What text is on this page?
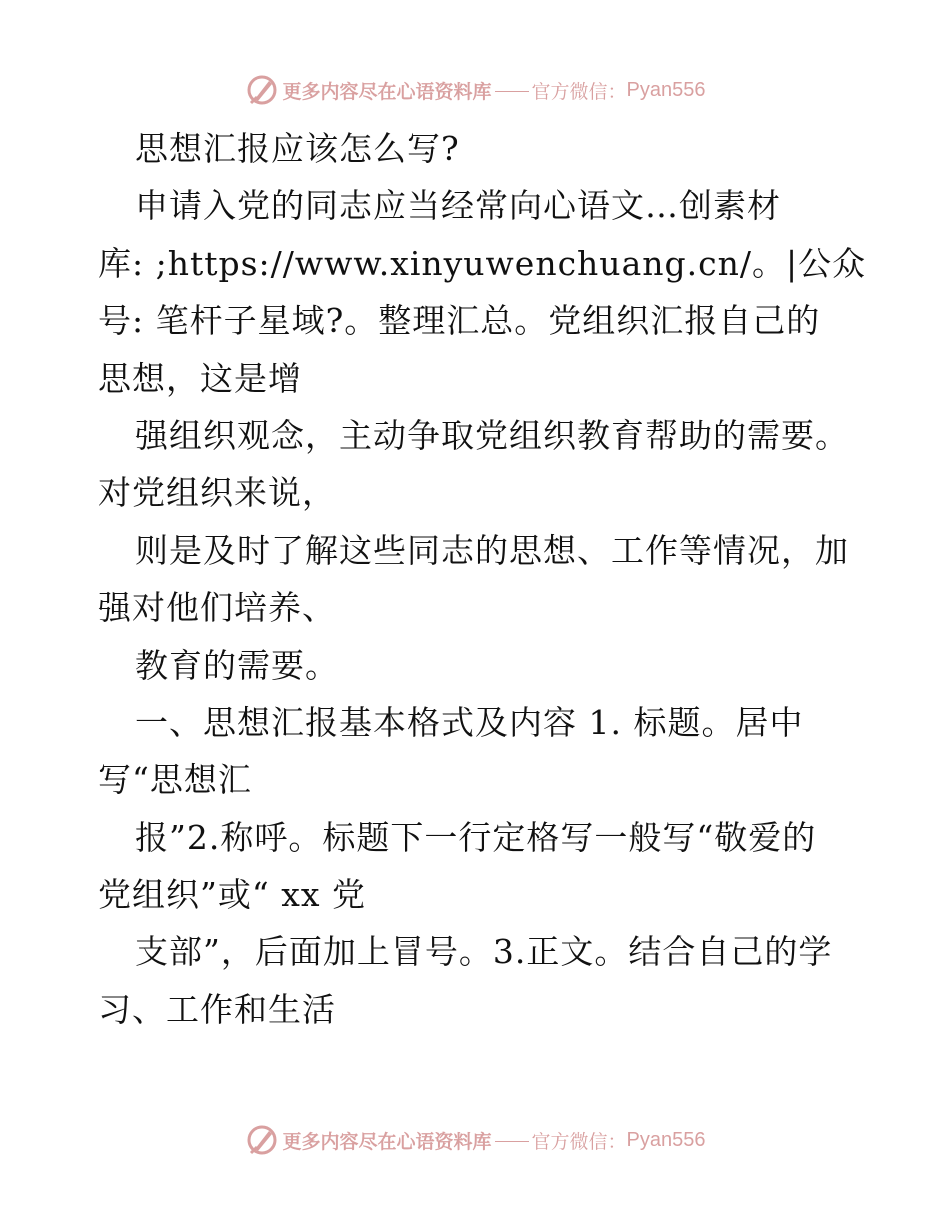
更多内容尽在心语资料库 官方微信： Pyan556
思想汇报应该怎么写?
申请入党的同志应当经常向心语文…创素材
库: ;https://www.xinyuwenchuang.cn/。|公众
号: 笔杆子星域?。整理汇总。党组织汇报自己的
思想，这是增
强组织观念，主动争取党组织教育帮助的需要。
对党组织来说，
则是及时了解这些同志的思想、工作等情况，加
强对他们培养、
教育的需要。
一、思想汇报基本格式及内容 1. 标题。居中
写“思想汇
报”2.称呼。标题下一行定格写一般写“敬爱的
党组织”或“ xx 党
支部”，后面加上冒号。3.正文。结合自己的学
习、工作和生活
更多内容尽在心语资料库 官方微信： Pyan556
